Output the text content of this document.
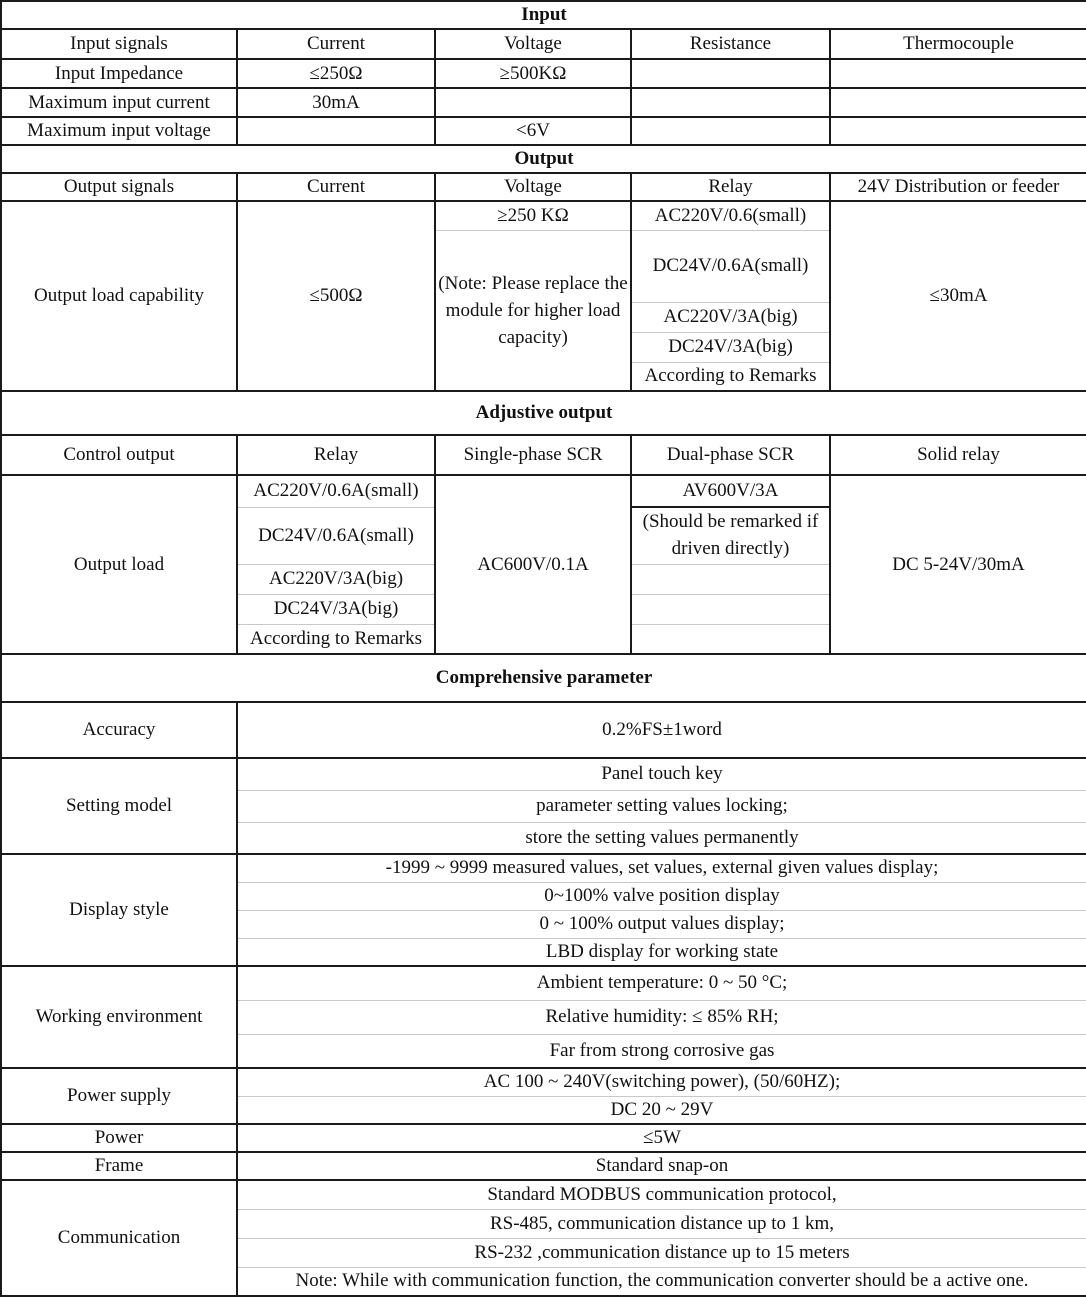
Input				
Input signals	Current	Voltage	Resistance	Thermocouple
Input Impedance	≤250Ω	≥500KΩ		
Maximum input current	30mA			
Maximum input voltage		<6V		
Output				
Output signals	Current	Voltage	Relay	24V Distribution or feeder
Output load capability	≤500Ω	≥250 KΩ	AC220V/0.6(small)	≤30mA
		(Note: Please replace the module for higher load capacity)	DC24V/0.6A(small)	
			AC220V/3A(big)	
			DC24V/3A(big)	
			According to Remarks	
Adjustive output				
Control output	Relay	Single-phase SCR	Dual-phase SCR	Solid relay
Output load	AC220V/0.6A(small)	AC600V/0.1A	AV600V/3A	DC 5-24V/30mA
	DC24V/0.6A(small)		(Should be remarked if driven directly)	
	AC220V/3A(big)			
	DC24V/3A(big)			
	According to Remarks			
Comprehensive parameter				
Accuracy	0.2%FS±1word			
Setting model	Panel touch key			
	parameter setting values locking;			
	store the setting values permanently			
Display style	-1999 ~ 9999 measured values, set values, external given values display;			
	0~100% valve position display			
	0 ~ 100% output values display;			
	LBD display for working state			
Working environment	Ambient temperature: 0 ~ 50 °C;			
	Relative humidity: ≤ 85% RH;			
	Far from strong corrosive gas			
Power supply	AC 100 ~ 240V(switching power), (50/60HZ);			
	DC 20 ~ 29V			
Power	≤5W			
Frame	Standard snap-on			
Communication	Standard MODBUS communication protocol,			
	RS-485, communication distance up to 1 km,			
	RS-232 ,communication distance up to 15 meters			
	Note: While with communication function, the communication converter should be a active one.			
